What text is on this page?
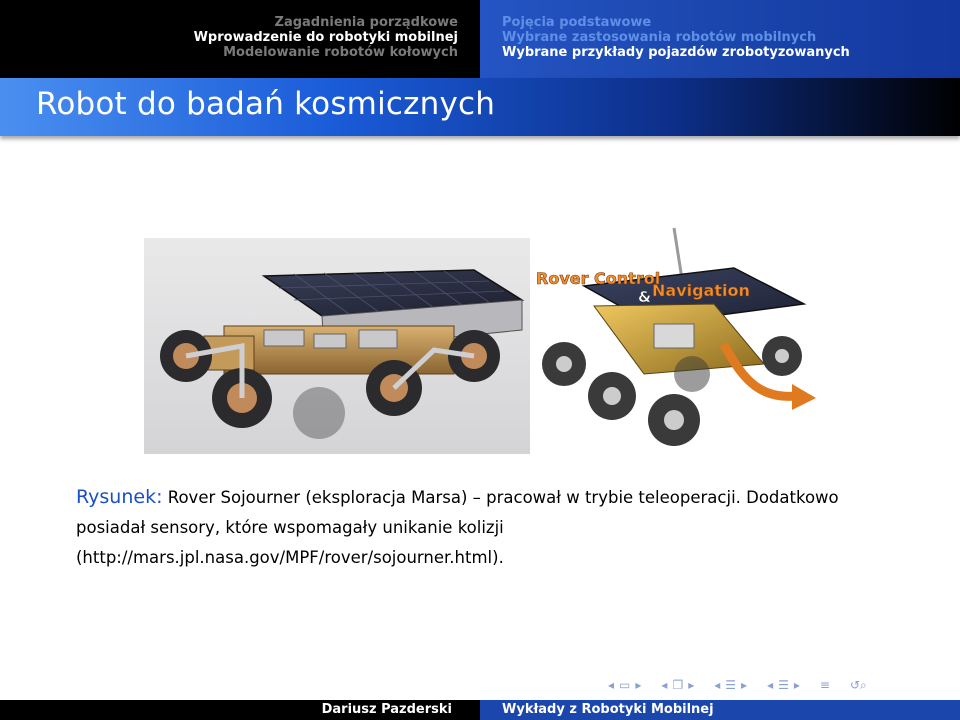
Zagadnienia porządkowe
Wprowadzenie do robotyki mobilnej
Modelowanie robotów kołowych
Pojęcia podstawowe
Wybrane zastosowania robotów mobilnych
Wybrane przykłady pojazdów zrobotyzowanych
Robot do badań kosmicznych
Rover Control
& Navigation
Rysunek: Rover Sojourner (eksploracja Marsa) – pracował w trybie teleoperacji. Dodatkowo posiadał sensory, które wspomagały unikanie kolizji (http://mars.jpl.nasa.gov/MPF/rover/sojourner.html).
◂ ▭ ▸ ◂ ❐ ▸ ◂ ☰ ▸ ◂ ☰ ▸ ≡ ↺⌕
Dariusz Pazderski	Wykłady z Robotyki Mobilnej
